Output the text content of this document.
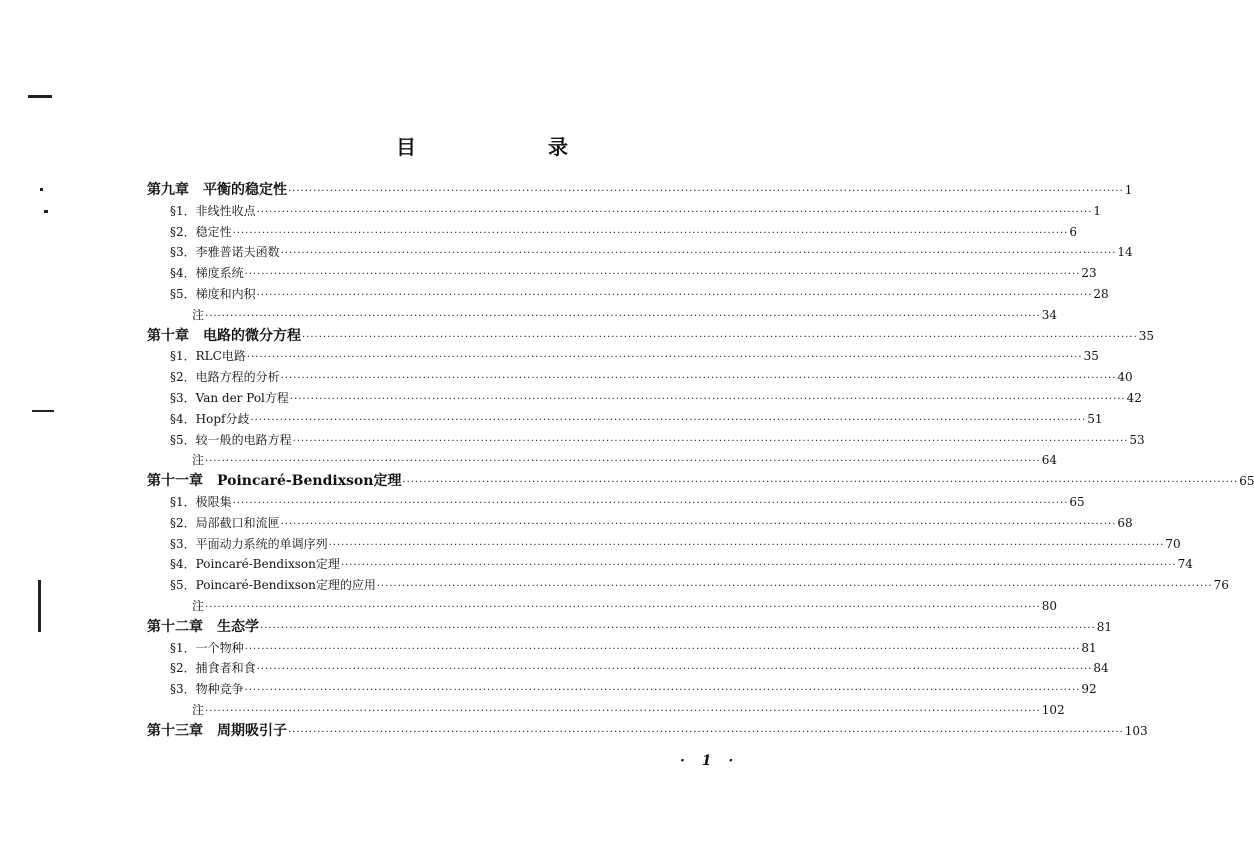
目　录
第九章　平衡的稳定性 ········································································································································································································ 1
§1．非线性收点 ········································································································································································································ 1
§2．稳定性 ········································································································································································································ 6
§3．李雅普诺夫函数 ········································································································································································································ 14
§4．梯度系统 ········································································································································································································ 23
§5．梯度和内积 ········································································································································································································ 28
注 ········································································································································································································ 34
第十章　电路的微分方程 ········································································································································································································ 35
§1．RLC电路 ········································································································································································································ 35
§2．电路方程的分析 ········································································································································································································ 40
§3．Van der Pol方程 ········································································································································································································ 42
§4．Hopf分歧 ········································································································································································································ 51
§5．较一般的电路方程 ········································································································································································································ 53
注 ········································································································································································································ 64
第十一章　Poincaré-Bendixson定理 ········································································································································································································ 65
§1．极限集 ········································································································································································································ 65
§2．局部截口和流匣 ········································································································································································································ 68
§3．平面动力系统的单调序列 ········································································································································································································ 70
§4．Poincaré-Bendixson定理 ········································································································································································································ 74
§5．Poincaré-Bendixson定理的应用 ········································································································································································································ 76
注 ········································································································································································································ 80
第十二章　生态学 ········································································································································································································ 81
§1．一个物种 ········································································································································································································ 81
§2．捕食者和食 ········································································································································································································ 84
§3．物种竞争 ········································································································································································································ 92
注 ········································································································································································································ 102
第十三章　周期吸引子 ········································································································································································································ 103
· 1 ·
